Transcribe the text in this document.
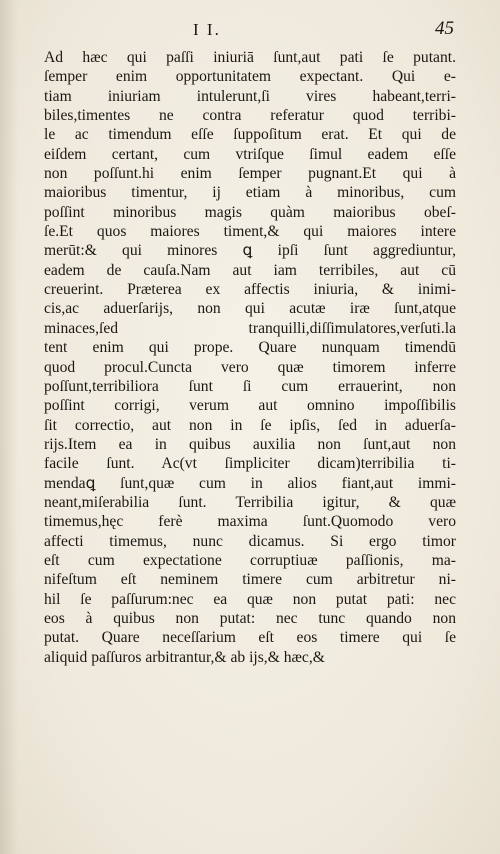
I I.	45
Ad hæc qui paſſi iniuriā ſunt,aut pati ſe putant.
ſemper enim opportunitatem expectant. Qui e-
tiam iniuriam intulerunt,ſi vires habeant,terri-
biles,timentes ne contra referatur quod terribi-
le ac timendum eſſe ſuppoſitum erat. Et qui de
eiſdem certant, cum vtriſque ſimul eadem eſſe
non poſſunt.hi enim ſemper pugnant.Et qui à
maioribus timentur, ij etiam à minoribus, cum
poſſint minoribus magis quàm maioribus obeſ-
ſe.Et quos maiores timent,& qui maiores intere
merūt:& qui minores ꝗ ipſi ſunt aggrediuntur,
eadem de cauſa.Nam aut iam terribiles, aut cū
creuerint. Præterea ex affectis iniuria, & inimi-
cis,ac aduerſarijs, non qui acutæ iræ ſunt,atque
minaces,ſed tranquilli,diſſimulatores,verſuti.la
tent enim qui prope. Quare nunquam timendū
quod procul.Cuncta vero quæ timorem inferre
poſſunt,terribiliora ſunt ſi cum errauerint, non
poſſint corrigi, verum aut omnino impoſſibilis
ſit correctio, aut non in ſe ipſis, ſed in aduerſa-
rijs.Item ea in quibus auxilia non ſunt,aut non
facile ſunt. Ac(vt ſimpliciter dicam)terribilia ti-
mendaꝗ ſunt,quæ cum in alios fiant,aut immi-
neant,miſerabilia ſunt. Terribilia igitur, & quæ
timemus,hęc ferè maxima ſunt.Quomodo vero
affecti timemus, nunc dicamus. Si ergo timor
eſt cum expectatione corruptiuæ paſſionis, ma-
nifeſtum eſt neminem timere cum arbitretur ni-
hil ſe paſſurum:nec ea quæ non putat pati: nec
eos à quibus non putat: nec tunc quando non
putat. Quare neceſſarium eſt eos timere qui ſe
aliquid paſſuros arbitrantur,& ab ijs,& hæc,&
